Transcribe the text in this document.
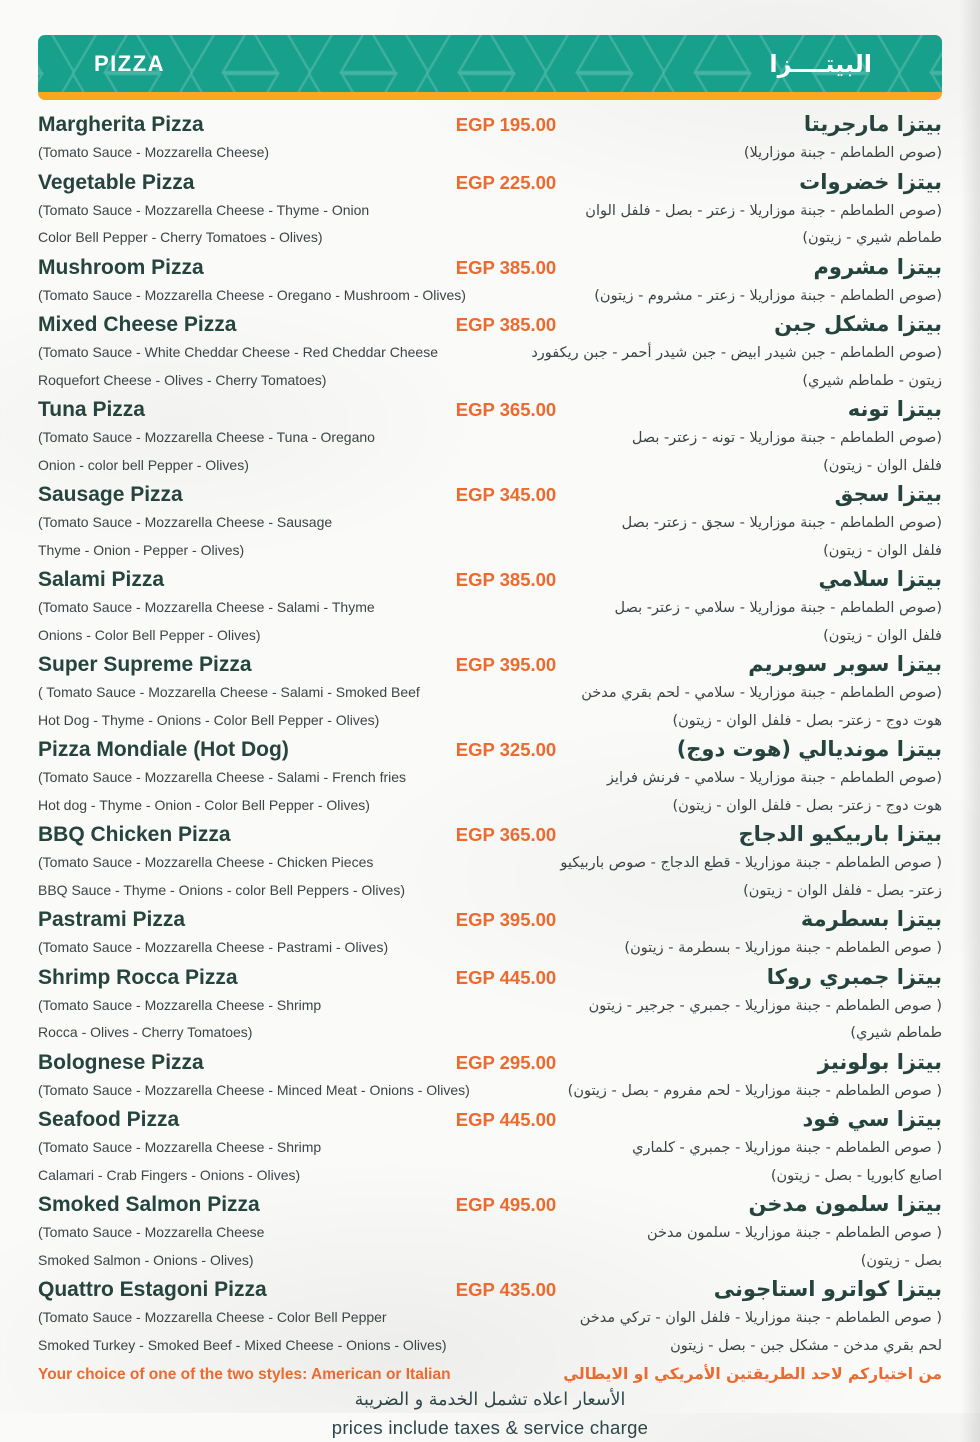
PIZZA	البيتــــزا
Margherita Pizza	EGP 195.00	بيتزا مارجريتا
(Tomato Sauce - Mozzarella Cheese)	(صوص الطماطم - جبنة موزاريلا)
Vegetable Pizza	EGP 225.00	بيتزا خضروات
(Tomato Sauce - Mozzarella Cheese - Thyme - Onion	(صوص الطماطم - جبنة موزاريلا - زعتر - بصل - فلفل الوان
Color Bell Pepper - Cherry Tomatoes - Olives)	طماطم شيري - زيتون)
Mushroom Pizza	EGP 385.00	بيتزا مشروم
(Tomato Sauce - Mozzarella Cheese - Oregano - Mushroom - Olives)	(صوص الطماطم - جبنة موزاريلا - زعتر - مشروم - زيتون)
Mixed Cheese Pizza	EGP 385.00	بيتزا مشكل جبن
(Tomato Sauce - White Cheddar Cheese - Red Cheddar Cheese	(صوص الطماطم - جبن شيدر ابيض - جبن شيدر أحمر - جبن ريكفورد
Roquefort Cheese - Olives - Cherry Tomatoes)	زيتون - طماطم شيري)
Tuna Pizza	EGP 365.00	بيتزا تونه
(Tomato Sauce - Mozzarella Cheese - Tuna - Oregano	(صوص الطماطم - جبنة موزاريلا - تونه - زعتر- بصل
Onion - color bell Pepper - Olives)	فلفل الوان - زيتون)
Sausage Pizza	EGP 345.00	بيتزا سجق
(Tomato Sauce - Mozzarella Cheese - Sausage	(صوص الطماطم - جبنة موزاريلا - سجق - زعتر- بصل
Thyme - Onion - Pepper - Olives)	فلفل الوان - زيتون)
Salami Pizza	EGP 385.00	بيتزا سلامي
(Tomato Sauce - Mozzarella Cheese - Salami - Thyme	(صوص الطماطم - جبنة موزاريلا - سلامي - زعتر- بصل
Onions - Color Bell Pepper - Olives)	فلفل الوان - زيتون)
Super Supreme Pizza	EGP 395.00	بيتزا سوبر سوبريم
( Tomato Sauce - Mozzarella Cheese - Salami - Smoked Beef	(صوص الطماطم - جبنة موزاريلا - سلامي - لحم بقري مدخن
Hot Dog - Thyme - Onions - Color Bell Pepper - Olives)	هوت دوج - زعتر- بصل - فلفل الوان - زيتون)
Pizza Mondiale (Hot Dog)	EGP 325.00	بيتزا مونديالي (هوت دوج)
(Tomato Sauce - Mozzarella Cheese - Salami - French fries	(صوص الطماطم - جبنة موزاريلا - سلامي - فرنش فرايز
Hot dog - Thyme - Onion - Color Bell Pepper - Olives)	هوت دوج - زعتر- بصل - فلفل الوان - زيتون)
BBQ Chicken Pizza	EGP 365.00	بيتزا باربيكيو الدجاج
(Tomato Sauce - Mozzarella Cheese - Chicken Pieces	( صوص الطماطم - جبنة موزاريلا - قطع الدجاج - صوص باربيكيو
BBQ Sauce - Thyme - Onions - color Bell Peppers - Olives)	زعتر- بصل - فلفل الوان - زيتون)
Pastrami Pizza	EGP 395.00	بيتزا بسطرمة
(Tomato Sauce - Mozzarella Cheese - Pastrami - Olives)	( صوص الطماطم - جبنة موزاريلا - بسطرمة - زيتون)
Shrimp Rocca Pizza	EGP 445.00	بيتزا جمبري روكا
(Tomato Sauce - Mozzarella Cheese - Shrimp	( صوص الطماطم - جبنة موزاريلا - جمبري - جرجير - زيتون
Rocca - Olives - Cherry Tomatoes)	طماطم شيري)
Bolognese Pizza	EGP 295.00	بيتزا بولونيز
(Tomato Sauce - Mozzarella Cheese - Minced Meat - Onions - Olives)	( صوص الطماطم - جبنة موزاريلا - لحم مفروم - بصل - زيتون)
Seafood Pizza	EGP 445.00	بيتزا سي فود
(Tomato Sauce - Mozzarella Cheese - Shrimp	( صوص الطماطم - جبنة موزاريلا - جمبري - كلماري
Calamari - Crab Fingers - Onions - Olives)	اصابع كابوريا - بصل - زيتون)
Smoked Salmon Pizza	EGP 495.00	بيتزا سلمون مدخن
(Tomato Sauce - Mozzarella Cheese	( صوص الطماطم - جبنة موزاريلا - سلمون مدخن
Smoked Salmon - Onions - Olives)	بصل - زيتون)
Quattro Estagoni Pizza	EGP 435.00	بيتزا كواترو استاجونى
(Tomato Sauce - Mozzarella Cheese - Color Bell Pepper	( صوص الطماطم - جبنة موزاريلا - فلفل الوان - تركي مدخن
Smoked Turkey - Smoked Beef - Mixed Cheese - Onions - Olives)	لحم بقري مدخن - مشكل جبن - بصل - زيتون
Your choice of one of the two styles: American or Italian	من اختياركم لاحد الطريقتين الأمريكي او الايطالي
الأسعار اعلاه تشمل الخدمة و الضريبة
prices include taxes & service charge
